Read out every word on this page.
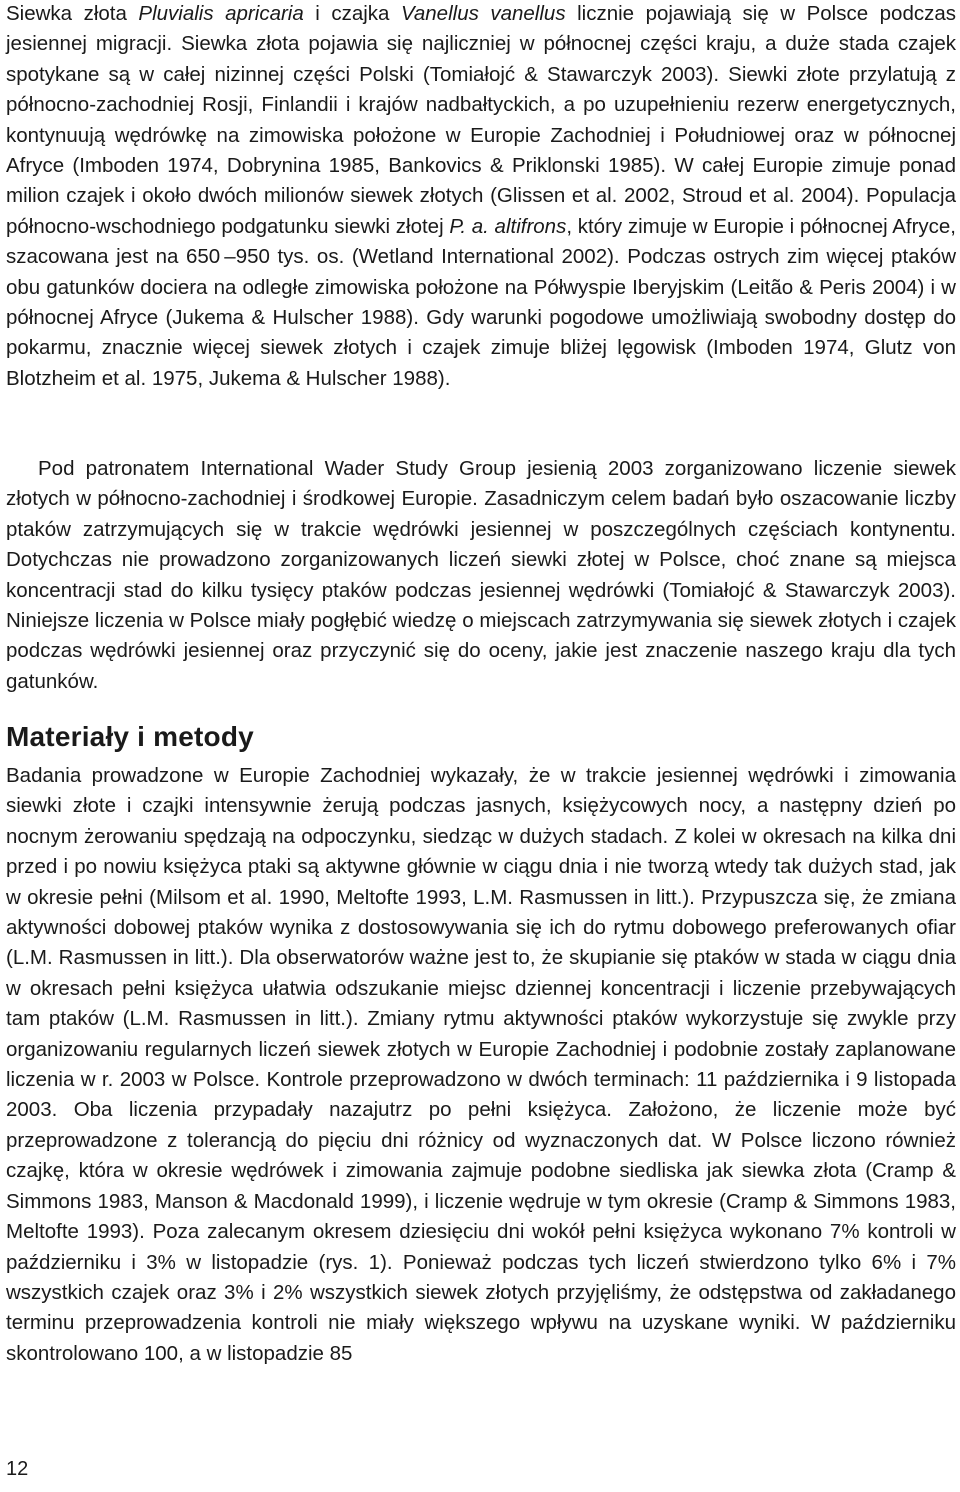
Siewka złota Pluvialis apricaria i czajka Vanellus vanellus licznie pojawiają się w Polsce podczas jesiennej migracji. Siewka złota pojawia się najliczniej w północnej części kraju, a duże stada czajek spotykane są w całej nizinnej części Polski (Tomiałojć & Stawarczyk 2003). Siewki złote przylatują z północno-zachodniej Rosji, Finlandii i krajów nadbałtyckich, a po uzupełnieniu rezerw energetycznych, kontynuują wędrówkę na zimowiska położone w Europie Zachodniej i Południowej oraz w północnej Afryce (Imboden 1974, Dobrynina 1985, Bankovics & Priklonski 1985). W całej Europie zimuje ponad milion czajek i około dwóch milionów siewek złotych (Glissen et al. 2002, Stroud et al. 2004). Populacja północno-wschodniego podgatunku siewki złotej P. a. altifrons, który zimuje w Europie i północnej Afryce, szacowana jest na 650 –950 tys. os. (Wetland International 2002). Podczas ostrych zim więcej ptaków obu gatunków dociera na odległe zimowiska położone na Półwyspie Iberyjskim (Leitão & Peris 2004) i w północnej Afryce (Jukema & Hulscher 1988). Gdy warunki pogodowe umożliwiają swobodny dostęp do pokarmu, znacznie więcej siewek złotych i czajek zimuje bliżej lęgowisk (Imboden 1974, Glutz von Blotzheim et al. 1975, Jukema & Hulscher 1988).

Pod patronatem International Wader Study Group jesienią 2003 zorganizowano liczenie siewek złotych w północno-zachodniej i środkowej Europie. Zasadniczym celem badań było oszacowanie liczby ptaków zatrzymujących się w trakcie wędrówki jesiennej w poszczególnych częściach kontynentu. Dotychczas nie prowadzono zorganizowanych liczeń siewki złotej w Polsce, choć znane są miejsca koncentracji stad do kilku tysięcy ptaków podczas jesiennej wędrówki (Tomiałojć & Stawarczyk 2003). Niniejsze liczenia w Polsce miały pogłębić wiedzę o miejscach zatrzymywania się siewek złotych i czajek podczas wędrówki jesiennej oraz przyczynić się do oceny, jakie jest znaczenie naszego kraju dla tych gatunków.

Materiały i metody

Badania prowadzone w Europie Zachodniej wykazały, że w trakcie jesiennej wędrówki i zimowania siewki złote i czajki intensywnie żerują podczas jasnych, księżycowych nocy, a następny dzień po nocnym żerowaniu spędzają na odpoczynku, siedząc w dużych stadach. Z kolei w okresach na kilka dni przed i po nowiu księżyca ptaki są aktywne głównie w ciągu dnia i nie tworzą wtedy tak dużych stad, jak w okresie pełni (Milsom et al. 1990, Meltofte 1993, L.M. Rasmussen in litt.). Przypuszcza się, że zmiana aktywności dobowej ptaków wynika z dostosowywania się ich do rytmu dobowego preferowanych ofiar (L.M. Rasmussen in litt.). Dla obserwatorów ważne jest to, że skupianie się ptaków w stada w ciągu dnia w okresach pełni księżyca ułatwia odszukanie miejsc dziennej koncentracji i liczenie przebywających tam ptaków (L.M. Rasmussen in litt.). Zmiany rytmu aktywności ptaków wykorzystuje się zwykle przy organizowaniu regularnych liczeń siewek złotych w Europie Zachodniej i podobnie zostały zaplanowane liczenia w r. 2003 w Polsce. Kontrole przeprowadzono w dwóch terminach: 11 października i 9 listopada 2003. Oba liczenia przypadały nazajutrz po pełni księżyca. Założono, że liczenie może być przeprowadzone z tolerancją do pięciu dni różnicy od wyznaczonych dat. W Polsce liczono również czajkę, która w okresie wędrówek i zimowania zajmuje podobne siedliska jak siewka złota (Cramp & Simmons 1983, Manson & Macdonald 1999), i liczenie wędruje w tym okresie (Cramp & Simmons 1983, Meltofte 1993). Poza zalecanym okresem dziesięciu dni wokół pełni księżyca wykonano 7% kontroli w październiku i 3% w listopadzie (rys. 1). Ponieważ podczas tych liczeń stwierdzono tylko 6% i 7% wszystkich czajek oraz 3% i 2% wszystkich siewek złotych przyjęliśmy, że odstępstwa od zakładanego terminu przeprowadzenia kontroli nie miały większego wpływu na uzyskane wyniki. W październiku skontrolowano 100, a w listopadzie 85

12
